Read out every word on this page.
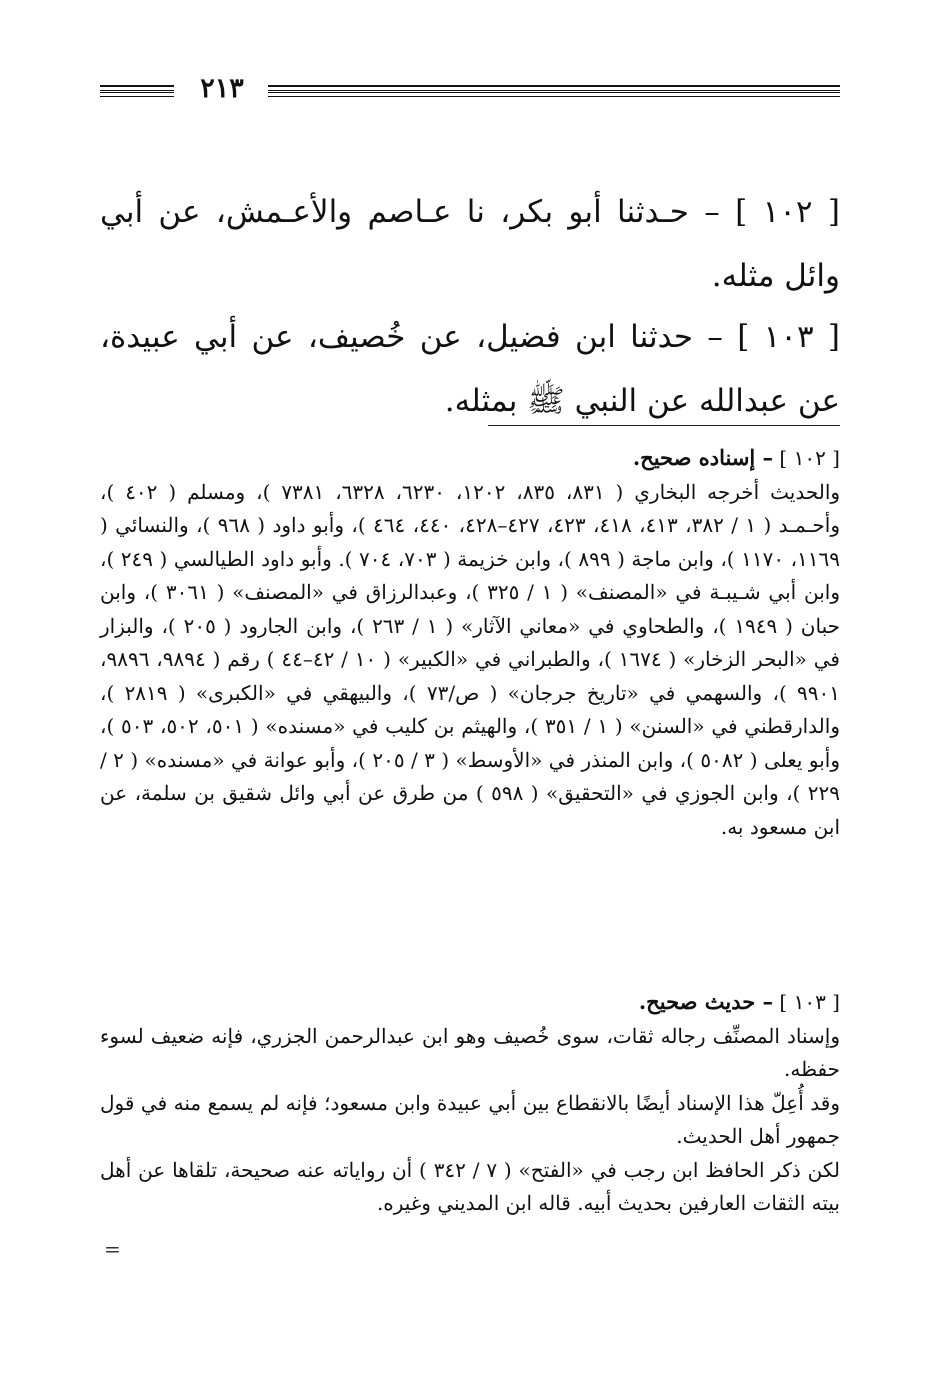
٢١٣
[ ١٠٢ ] – حـدثنا أبو بكر، نا عـاصم والأعـمش، عن أبي وائل مثله.
[ ١٠٣ ] – حدثنا ابن فضيل، عن خُصيف، عن أبي عبيدة، عن عبدالله عن النبي ﷺ بمثله.
[ ١٠٢ ] – إسناده صحيح.
والحديث أخرجه البخاري ( ٨٣١، ٨٣٥، ١٢٠٢، ٦٢٣٠، ٦٣٢٨، ٧٣٨١ )، ومسلم ( ٤٠٢ )، وأحـمـد ( ١ / ٣٨٢، ٤١٣، ٤١٨، ٤٢٣، ٤٢٧–٤٢٨، ٤٤٠، ٤٦٤ )، وأبو داود ( ٩٦٨ )، والنسائي ( ١١٦٩، ١١٧٠ )، وابن ماجة ( ٨٩٩ )، وابن خزيمة ( ٧٠٣، ٧٠٤ ). وأبو داود الطيالسي ( ٢٤٩ )، وابن أبي شـيبـة في «المصنف» ( ١ / ٣٢٥ )، وعبدالرزاق في «المصنف» ( ٣٠٦١ )، وابن حبان ( ١٩٤٩ )، والطحاوي في «معاني الآثار» ( ١ / ٢٦٣ )، وابن الجارود ( ٢٠٥ )، والبزار في «البحر الزخار» ( ١٦٧٤ )، والطبراني في «الكبير» ( ١٠ / ٤٢–٤٤ ) رقم ( ٩٨٩٤، ٩٨٩٦، ٩٩٠١ )، والسهمي في «تاريخ جرجان» ( ص/٧٣ )، والبيهقي في «الكبرى» ( ٢٨١٩ )، والدارقطني في «السنن» ( ١ / ٣٥١ )، والهيثم بن كليب في «مسنده» ( ٥٠١، ٥٠٢، ٥٠٣ )، وأبو يعلى ( ٥٠٨٢ )، وابن المنذر في «الأوسط» ( ٣ / ٢٠٥ )، وأبو عوانة في «مسنده» ( ٢ / ٢٢٩ )، وابن الجوزي في «التحقيق» ( ٥٩٨ ) من طرق عن أبي وائل شقيق بن سلمة، عن ابن مسعود به.
[ ١٠٣ ] – حديث صحيح.
وإسناد المصنِّف رجاله ثقات، سوى خُصيف وهو ابن عبدالرحمن الجزري، فإنه ضعيف لسوء حفظه.
وقد أُعِلّ هذا الإسناد أيضًا بالانقطاع بين أبي عبيدة وابن مسعود؛ فإنه لم يسمع منه في قول جمهور أهل الحديث.
لكن ذكر الحافظ ابن رجب في «الفتح» ( ٧ / ٣٤٢ ) أن رواياته عنه صحيحة، تلقاها عن أهل بيته الثقات العارفين بحديث أبيه. قاله ابن المديني وغيره.
=
